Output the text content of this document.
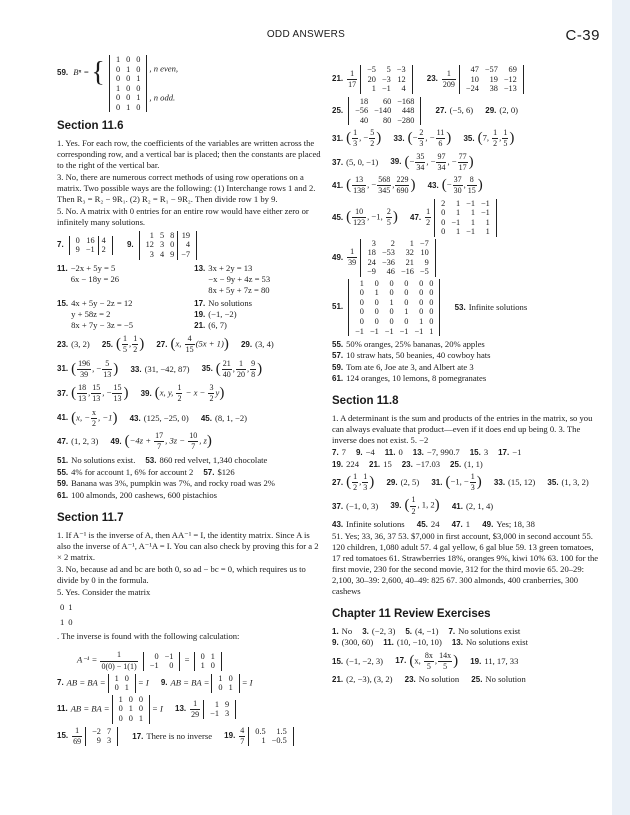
ODD ANSWERS	C-39
59. Bⁿ = { 1	0	0
0	1	0
0	0	1
, n even,
1	0	0
0	0	1
0	1	0
, n odd.
Section 11.6

1. Yes. For each row, the coefficients of the variables are written across the corresponding row, and a vertical bar is placed; then the constants are placed to the right of the vertical bar.

3. No, there are numerous correct methods of using row operations on a matrix. Two possible ways are the following: (1) Interchange rows 1 and 2. Then R₃ = R₂ − 9R₁. (2) R₂ = R₁ − 9R₂. Then divide row 1 by 9.

5. No. A matrix with 0 entries for an entire row would have either zero or infinitely many solutions.

7. 0	16	4
9	−1	2
9.
1	5	8	19
12	3	0	4
3	4	9	−7
11. −2x + 5y = 5
6x − 18y = 26
13. 3x + 2y = 13
−x − 9y + 4z = 53
8x + 5y + 7z = 80
15. 4x + 5y − 2z = 12
y + 58z = 2
8x + 7y − 3z = −5

17. No solutions
19. (−1, −2)
21. (6, 7)
23. (3, 2) 25. ( $\frac{1}{5}$ , $\frac{1}{2}$ ) 27. (x, $\frac{4}{15} (5x + 1)$) 29. (3, 4)
31. ( $\frac{196}{39}$ , − $\frac{5}{13}$ ) 33. (31, −42, 87) 35. ( $\frac{21}{40}$ , $\frac{1}{20}$ , $\frac{9}{8}$ )
37. ( $\frac{18}{13}$ , $\frac{15}{13}$ , − $\frac{15}{13}$ ) 39. (x, y, $\frac{1}{2} - x - \frac{3}{2} y$)
41. (x, − $\frac{x}{2}$ , −1) 43. (125, −25, 0) 45. (8, 1, −2)
47. (1, 2, 3) 49. ($-4z + \frac{17}{7}$ , $3z - \frac{10}{7}$ , z)
51. No solutions exist. 53. 860 red velvet, 1,340 chocolate
55. 4% for account 1, 6% for account 2 57. $126
59. Banana was 3%, pumpkin was 7%, and rocky road was 2%
61. 100 almonds, 200 cashews, 600 pistachios
Section 11.7

1. If A⁻¹ is the inverse of A, then AA⁻¹ = I, the identity matrix. Since A is also the inverse of A⁻¹, A⁻¹A = I. You can also check by proving this for a 2 × 2 matrix.

3. No, because ad and bc are both 0, so ad − bc = 0, which requires us to divide by 0 in the formula.

5. Yes. Consider the matrix

0	1
1	0
. The inverse is found with the following calculation:

$A^{-1} = \frac{1}{0(0) - 1(1)}$
0	−1
−1	0
= 0	1
1	0
7. AB = BA = 1	0
0	1
= I 9. AB = BA = 1	0
0	1
= I
11. AB = BA =
1	0	0
0	1	0
0	0	1
= I 13. $\frac{1}{29} 1$	9
−1	3
15. $\frac{1}{69} -2$	7
9	3
17. There is no inverse 19. $\frac{4}{7} 0.5$	1.5
1	−0.5
21. $\frac{1}{17} -5$	5	−3
20	−3	12
1	−1	4
23. $\frac{1}{209} 47$	−57	69
10	19	−12
−24	38	−13
25.
18	60	−168
−56	−140	448
40	80	−280
27. (−5, 6) 29. (2, 0)
31. ( $\frac{1}{3}$ , − $\frac{5}{2}$ ) 33. (− $\frac{2}{3}$ , − $\frac{11}{6}$ ) 35. (7, $\frac{1}{2}$ , $\frac{1}{5}$ )
37. (5, 0, −1) 39. (− $\frac{35}{34}$ , − $\frac{97}{34}$ , − $\frac{77}{17}$ )
41. ( $\frac{13}{138}$ , − $\frac{568}{345}$ , $\frac{229}{690}$ ) 43. (− $\frac{37}{30}$ , $\frac{8}{15}$ )
45. ( $\frac{10}{123}$ , −1, $\frac{2}{5}$ ) 47. $\frac{1}{2}$
2	1	−1	−1
0	1	1	−1
0	−1	1	1
0	1	−1	1
49. $\frac{1}{39}$
3	2	1	−7
18	−53	32	10
24	−36	21	9
−9	46	−16	−5
51.
1	0	0	0	0	0
0	1	0	0	0	0
0	0	1	0	0	0
0	0	0	1	0	0
0	0	0	0	1	0
−1	−1	−1	−1	−1	1
53. Infinite solutions
55. 50% oranges, 25% bananas, 20% apples
57. 10 straw hats, 50 beanies, 40 cowboy hats
59. Tom ate 6, Joe ate 3, and Albert ate 3
61. 124 oranges, 10 lemons, 8 pomegranates
Section 11.8

1. A determinant is the sum and products of the entries in the matrix, so you can always evaluate that product—even if it does end up being 0. 3. The inverse does not exist. 5. −2

7. 7 9. −4 11. 0 13. −7, 990.7 15. 3 17. −1
19. 224 21. 15 23. −17.03 25. (1, 1)
27. ( $\frac{1}{2}$ , $\frac{1}{3}$ ) 29. (2, 5) 31. (−1, − $\frac{1}{3}$ ) 33. (15, 12) 35. (1, 3, 2)
37. (−1, 0, 3) 39. ( $\frac{1}{2}$ , 1, 2) 41. (2, 1, 4)
43. Infinite solutions 45. 24 47. 1 49. Yes; 18, 38

51. Yes; 33, 36, 37 53. $7,000 in first account, $3,000 in second account 55. 120 children, 1,080 adult 57. 4 gal yellow, 6 gal blue 59. 13 green tomatoes, 17 red tomatoes 61. Strawberries 18%, oranges 9%, kiwi 10% 63. 100 for the first movie, 230 for the second movie, 312 for the third movie 65. 20–29: 2,100, 30–39: 2,600, 40–49: 825 67. 300 almonds, 400 cranberries, 300 cashews

Chapter 11 Review Exercises
1. No 3. (−2, 3) 5. (4, −1) 7. No solutions exist
9. (300, 60) 11. (10, −10, 10) 13. No solutions exist
15. (−1, −2, 3) 17. (x, $\frac{8x}{5}$ , $\frac{14x}{5}$ ) 19. 11, 17, 33
21. (2, −3), (3, 2) 23. No solution 25. No solution
